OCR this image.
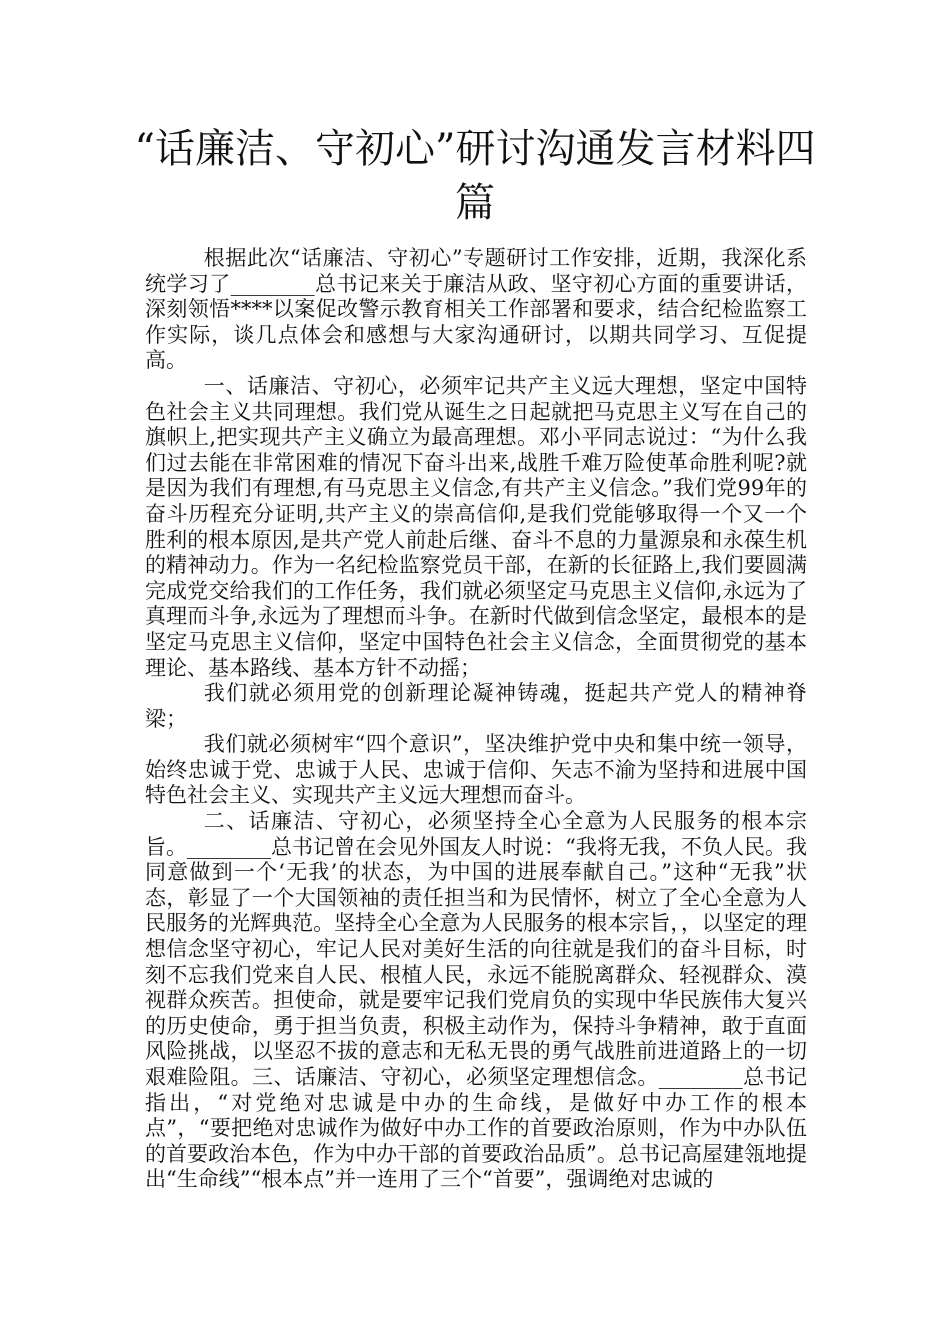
“话廉洁、守初心”研讨沟通发言材料四篇

根据此次“话廉洁、守初心”专题研讨工作安排，近期，我深化系统学习了________总书记来关于廉洁从政、坚守初心方面的重要讲话，深刻领悟****以案促改警示教育相关工作部署和要求，结合纪检监察工作实际，谈几点体会和感想与大家沟通研讨，以期共同学习、互促提高。

一、话廉洁、守初心，必须牢记共产主义远大理想，坚定中国特色社会主义共同理想。我们党从诞生之日起就把马克思主义写在自己的旗帜上,把实现共产主义确立为最高理想。邓小平同志说过：“为什么我们过去能在非常困难的情况下奋斗出来,战胜千难万险使革命胜利呢?就是因为我们有理想,有马克思主义信念,有共产主义信念。”我们党99年的奋斗历程充分证明,共产主义的崇高信仰,是我们党能够取得一个又一个胜利的根本原因,是共产党人前赴后继、奋斗不息的力量源泉和永葆生机的精神动力。作为一名纪检监察党员干部，在新的长征路上,我们要圆满完成党交给我们的工作任务，我们就必须坚定马克思主义信仰,永远为了真理而斗争,永远为了理想而斗争。在新时代做到信念坚定，最根本的是坚定马克思主义信仰，坚定中国特色社会主义信念，全面贯彻党的基本理论、基本路线、基本方针不动摇；

我们就必须用党的创新理论凝神铸魂，挺起共产党人的精神脊梁；

我们就必须树牢“四个意识”，坚决维护党中央和集中统一领导，始终忠诚于党、忠诚于人民、忠诚于信仰、矢志不渝为坚持和进展中国特色社会主义、实现共产主义远大理想而奋斗。

二、话廉洁、守初心，必须坚持全心全意为人民服务的根本宗旨。________总书记曾在会见外国友人时说：“我将无我，不负人民。我同意做到一个‘无我’的状态，为中国的进展奉献自己。”这种“无我”状态，彰显了一个大国领袖的责任担当和为民情怀，树立了全心全意为人民服务的光辉典范。坚持全心全意为人民服务的根本宗旨，，以坚定的理想信念坚守初心，牢记人民对美好生活的向往就是我们的奋斗目标，时刻不忘我们党来自人民、根植人民，永远不能脱离群众、轻视群众、漠视群众疾苦。担使命，就是要牢记我们党肩负的实现中华民族伟大复兴的历史使命，勇于担当负责，积极主动作为，保持斗争精神，敢于直面风险挑战，以坚忍不拔的意志和无私无畏的勇气战胜前进道路上的一切艰难险阻。三、话廉洁、守初心，必须坚定理想信念。________总书记指出，“对党绝对忠诚是中办的生命线，是做好中办工作的根本点”，“要把绝对忠诚作为做好中办工作的首要政治原则，作为中办队伍的首要政治本色，作为中办干部的首要政治品质”。总书记高屋建瓴地提出“生命线”“根本点”并一连用了三个“首要”，强调绝对忠诚的
